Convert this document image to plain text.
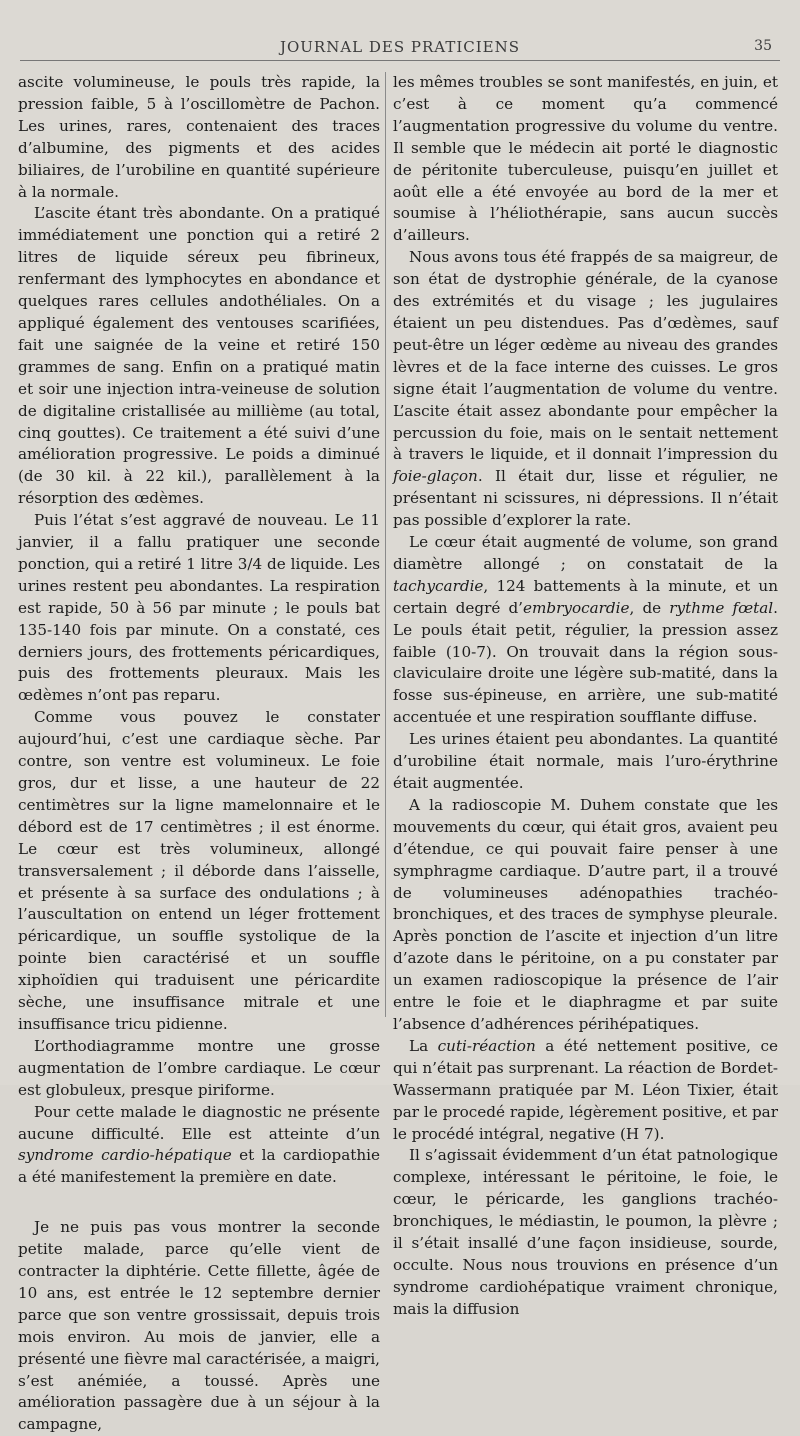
JOURNAL DES PRATICIENS	35

ascite volumineuse, le pouls très rapide, la pression faible, 5 à l’oscillomètre de Pachon. Les urines, rares, contenaient des traces d’albumine, des pigments et des acides biliaires, de l’urobiline en quantité supérieure à la normale.

L’ascite étant très abondante. On a pratiqué immédiatement une ponction qui a retiré 2 litres de liquide séreux peu fibrineux, renfermant des lymphocytes en abondance et quelques rares cellules andothéliales. On a appliqué également des ventouses scarifiées, fait une saignée de la veine et retiré 150 grammes de sang. Enfin on a pratiqué matin et soir une injection intra-veineuse de solution de digitaline cristallisée au millième (au total, cinq gouttes). Ce traitement a été suivi d’une amélioration progressive. Le poids a diminué (de 30 kil. à 22 kil.), parallèlement à la résorption des œdèmes.

Puis l’état s’est aggravé de nouveau. Le 11 janvier, il a fallu pratiquer une seconde ponction, qui a retiré 1 litre 3/4 de liquide. Les urines restent peu abondantes. La respiration est rapide, 50 à 56 par minute ; le pouls bat 135-140 fois par minute. On a constaté, ces derniers jours, des frottements péricardiques, puis des frottements pleuraux. Mais les œdèmes n’ont pas reparu.

Comme vous pouvez le constater aujourd’hui, c’est une cardiaque sèche. Par contre, son ventre est volumineux. Le foie gros, dur et lisse, a une hauteur de 22 centimètres sur la ligne mamelonnaire et le débord est de 17 centimètres ; il est énorme. Le cœur est très volumineux, allongé transversalement ; il déborde dans l’aisselle, et présente à sa surface des ondulations ; à l’auscultation on entend un léger frottement péricardique, un souffle systolique de la pointe bien caractérisé et un souffle xiphoïdien qui traduisent une péricardite sèche, une insuffisance mitrale et une insuffisance tricu pidienne.

L’orthodiagramme montre une grosse augmentation de l’ombre cardiaque. Le cœur est globuleux, presque piriforme.

Pour cette malade le diagnostic ne présente aucune difficulté. Elle est atteinte d’un syndrome cardio-hépatique et la cardiopathie a été manifestement la première en date.

Je ne puis pas vous montrer la seconde petite malade, parce qu’elle vient de contracter la diphtérie. Cette fillette, âgée de 10 ans, est entrée le 12 septembre dernier parce que son ventre grossissait, depuis trois mois environ. Au mois de janvier, elle a présenté une fièvre mal caractérisée, a maigri, s’est anémiée, a toussé. Après une amélioration passagère due à un séjour à la campagne,

les mêmes troubles se sont manifestés, en juin, et c’est à ce moment qu’a commencé l’augmentation progressive du volume du ventre. Il semble que le médecin ait porté le diagnostic de péritonite tuberculeuse, puisqu’en juillet et août elle a été envoyée au bord de la mer et soumise à l’héliothérapie, sans aucun succès d’ailleurs.

Nous avons tous été frappés de sa maigreur, de son état de dystrophie générale, de la cyanose des extrémités et du visage ; les jugulaires étaient un peu distendues. Pas d’œdèmes, sauf peut-être un léger œdème au niveau des grandes lèvres et de la face interne des cuisses. Le gros signe était l’augmentation de volume du ventre. L’ascite était assez abondante pour empêcher la percussion du foie, mais on le sentait nettement à travers le liquide, et il donnait l’impression du foie-glaçon. Il était dur, lisse et régulier, ne présentant ni scissures, ni dépressions. Il n’était pas possible d’explorer la rate.

Le cœur était augmenté de volume, son grand diamètre allongé ; on constatait de la tachycardie, 124 battements à la minute, et un certain degré d’embryocardie, de rythme fœtal. Le pouls était petit, régulier, la pression assez faible (10-7). On trouvait dans la région sous-claviculaire droite une légère sub-matité, dans la fosse sus-épineuse, en arrière, une sub-matité accentuée et une respiration soufflante diffuse.

Les urines étaient peu abondantes. La quantité d’urobiline était normale, mais l’uro-érythrine était augmentée.

A la radioscopie M. Duhem constate que les mouvements du cœur, qui était gros, avaient peu d’étendue, ce qui pouvait faire penser à une symphragme cardiaque. D’autre part, il a trouvé de volumineuses adénopathies trachéo-bronchiques, et des traces de symphyse pleurale. Après ponction de l’ascite et injection d’un litre d’azote dans le péritoine, on a pu constater par un examen radioscopique la présence de l’air entre le foie et le diaphragme et par suite l’absence d’adhérences périhépatiques.

La cuti-réaction a été nettement positive, ce qui n’était pas surprenant. La réaction de Bordet-Wassermann pratiquée par M. Léon Tixier, était par le procedé rapide, légèrement positive, et par le procédé intégral, negative (H 7).

Il s’agissait évidemment d’un état patnologique complexe, intéressant le péritoine, le foie, le cœur, le péricarde, les ganglions trachéo-bronchiques, le médiastin, le poumon, la plèvre ; il s’était insallé d’une façon insidieuse, sourde, occulte. Nous nous trouvions en présence d’un syndrome cardiohépatique vraiment chronique, mais la diffusion
